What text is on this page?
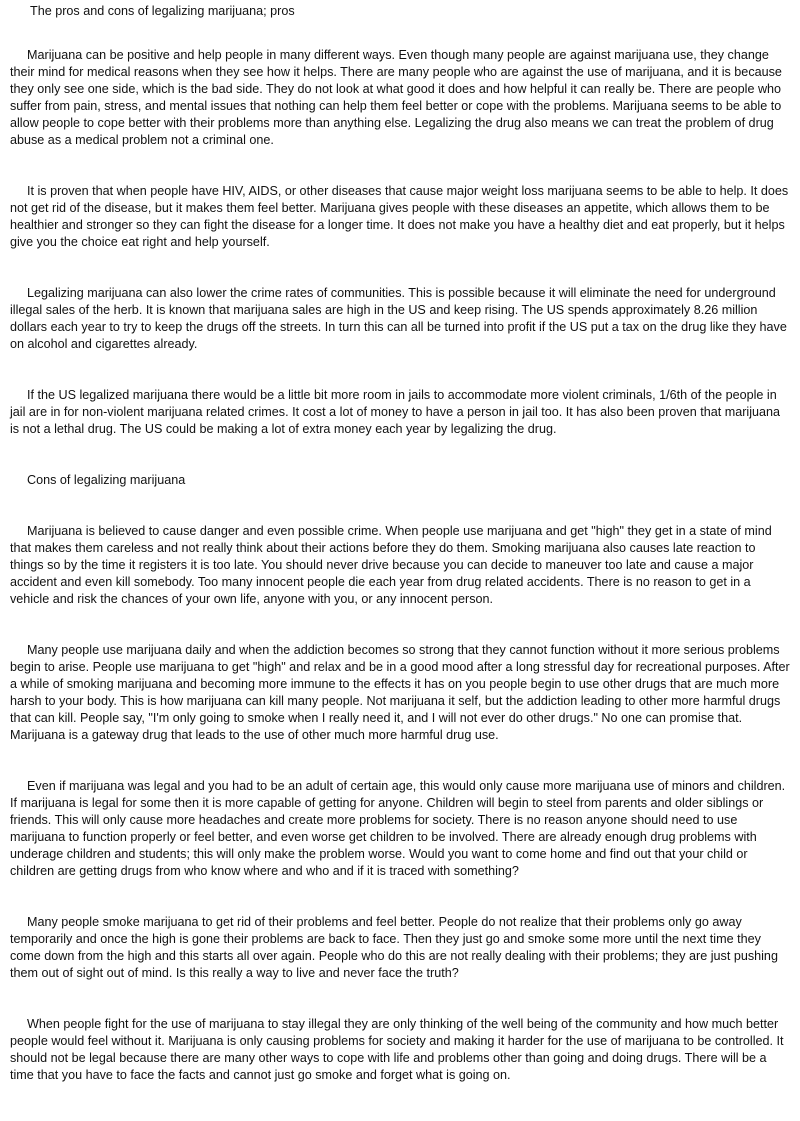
The pros and cons of legalizing marijuana; pros

Marijuana can be positive and help people in many different ways. Even though many people are against marijuana use, they change their mind for medical reasons when they see how it helps. There are many people who are against the use of marijuana, and it is because they only see one side, which is the bad side. They do not look at what good it does and how helpful it can really be. There are people who suffer from pain, stress, and mental issues that nothing can help them feel better or cope with the problems. Marijuana seems to be able to allow people to cope better with their problems more than anything else. Legalizing the drug also means we can treat the problem of drug abuse as a medical problem not a criminal one.

It is proven that when people have HIV, AIDS, or other diseases that cause major weight loss marijuana seems to be able to help. It does not get rid of the disease, but it makes them feel better. Marijuana gives people with these diseases an appetite, which allows them to be healthier and stronger so they can fight the disease for a longer time. It does not make you have a healthy diet and eat properly, but it helps give you the choice eat right and help yourself.

Legalizing marijuana can also lower the crime rates of communities. This is possible because it will eliminate the need for underground illegal sales of the herb. It is known that marijuana sales are high in the US and keep rising. The US spends approximately 8.26 million dollars each year to try to keep the drugs off the streets. In turn this can all be turned into profit if the US put a tax on the drug like they have on alcohol and cigarettes already.

If the US legalized marijuana there would be a little bit more room in jails to accommodate more violent criminals, 1/6th of the people in jail are in for non-violent marijuana related crimes. It cost a lot of money to have a person in jail too. It has also been proven that marijuana is not a lethal drug. The US could be making a lot of extra money each year by legalizing the drug.

Cons of legalizing marijuana

Marijuana is believed to cause danger and even possible crime. When people use marijuana and get "high" they get in a state of mind that makes them careless and not really think about their actions before they do them. Smoking marijuana also causes late reaction to things so by the time it registers it is too late. You should never drive because you can decide to maneuver too late and cause a major accident and even kill somebody. Too many innocent people die each year from drug related accidents. There is no reason to get in a vehicle and risk the chances of your own life, anyone with you, or any innocent person.

Many people use marijuana daily and when the addiction becomes so strong that they cannot function without it more serious problems begin to arise. People use marijuana to get "high" and relax and be in a good mood after a long stressful day for recreational purposes. After a while of smoking marijuana and becoming more immune to the effects it has on you people begin to use other drugs that are much more harsh to your body. This is how marijuana can kill many people. Not marijuana it self, but the addiction leading to other more harmful drugs that can kill. People say, "I'm only going to smoke when I really need it, and I will not ever do other drugs." No one can promise that. Marijuana is a gateway drug that leads to the use of other much more harmful drug use.

Even if marijuana was legal and you had to be an adult of certain age, this would only cause more marijuana use of minors and children. If marijuana is legal for some then it is more capable of getting for anyone. Children will begin to steel from parents and older siblings or friends. This will only cause more headaches and create more problems for society. There is no reason anyone should need to use marijuana to function properly or feel better, and even worse get children to be involved. There are already enough drug problems with underage children and students; this will only make the problem worse. Would you want to come home and find out that your child or children are getting drugs from who know where and who and if it is traced with something?

Many people smoke marijuana to get rid of their problems and feel better. People do not realize that their problems only go away temporarily and once the high is gone their problems are back to face. Then they just go and smoke some more until the next time they come down from the high and this starts all over again. People who do this are not really dealing with their problems; they are just pushing them out of sight out of mind. Is this really a way to live and never face the truth?

When people fight for the use of marijuana to stay illegal they are only thinking of the well being of the community and how much better people would feel without it. Marijuana is only causing problems for society and making it harder for the use of marijuana to be controlled. It should not be legal because there are many other ways to cope with life and problems other than going and doing drugs. There will be a time that you have to face the facts and cannot just go smoke and forget what is going on.
